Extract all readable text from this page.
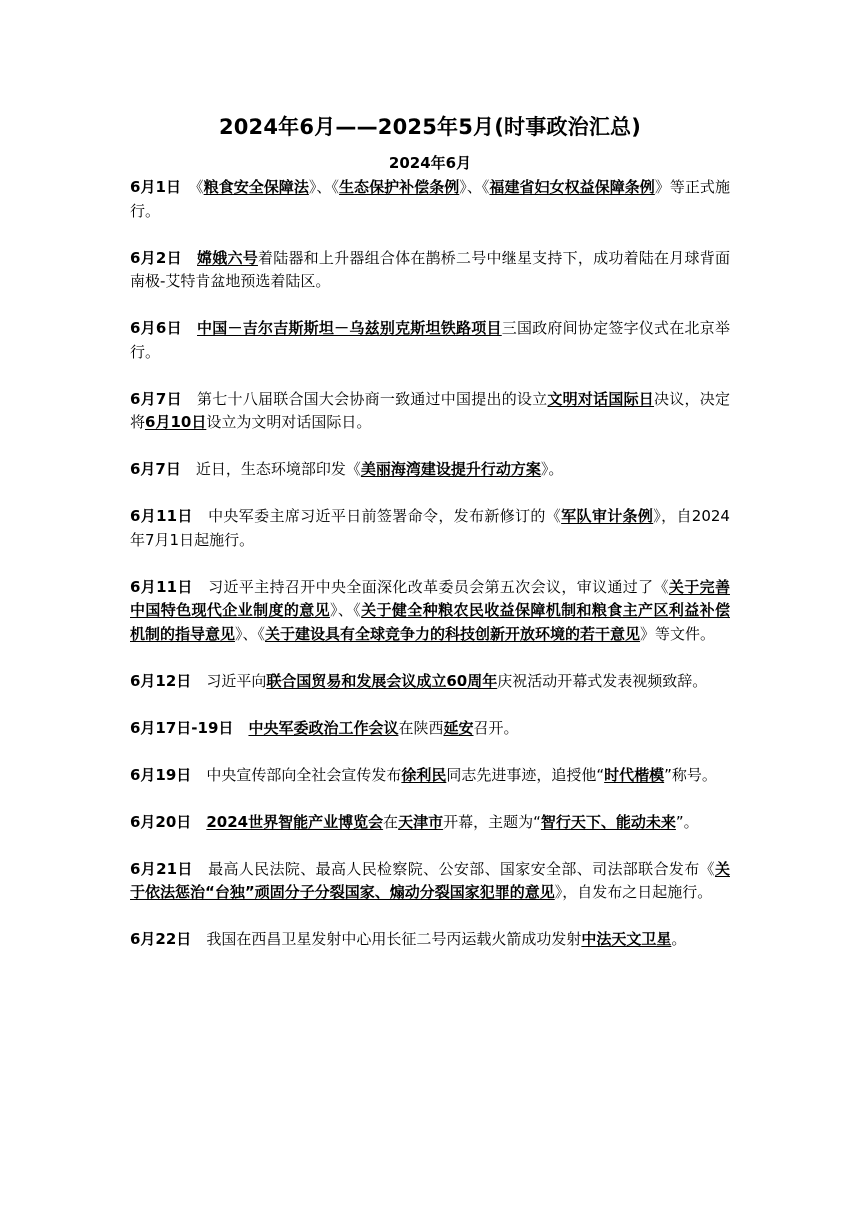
2024年6月——2025年5月(时事政治汇总)
2024年6月

6月1日　 《粮食安全保障法》、《生态保护补偿条例》、《福建省妇女权益保障条例》等正式施行。

6月2日　 嫦娥六号着陆器和上升器组合体在鹊桥二号中继星支持下，成功着陆在月球背面南极-艾特肯盆地预选着陆区。

6月6日　 中国－吉尔吉斯斯坦－乌兹别克斯坦铁路项目三国政府间协定签字仪式在北京举行。

6月7日　 第七十八届联合国大会协商一致通过中国提出的设立文明对话国际日决议，决定将6月10日设立为文明对话国际日。

6月7日　 近日，生态环境部印发《美丽海湾建设提升行动方案》。

6月11日　 中央军委主席习近平日前签署命令，发布新修订的《军队审计条例》，自2024年7月1日起施行。

6月11日　 习近平主持召开中央全面深化改革委员会第五次会议，审议通过了《关于完善中国特色现代企业制度的意见》、《关于健全种粮农民收益保障机制和粮食主产区利益补偿机制的指导意见》、《关于建设具有全球竞争力的科技创新开放环境的若干意见》等文件。

6月12日　 习近平向联合国贸易和发展会议成立60周年庆祝活动开幕式发表视频致辞。

6月17日-19日　 中央军委政治工作会议在陕西延安召开。

6月19日　 中央宣传部向全社会宣传发布徐利民同志先进事迹，追授他“时代楷模”称号。

6月20日　 2024世界智能产业博览会在天津市开幕，主题为“智行天下、能动未来”。

6月21日　 最高人民法院、最高人民检察院、公安部、国家安全部、司法部联合发布《关于依法惩治“台独”顽固分子分裂国家、煽动分裂国家犯罪的意见》，自发布之日起施行。

6月22日　 我国在西昌卫星发射中心用长征二号丙运载火箭成功发射中法天文卫星。
